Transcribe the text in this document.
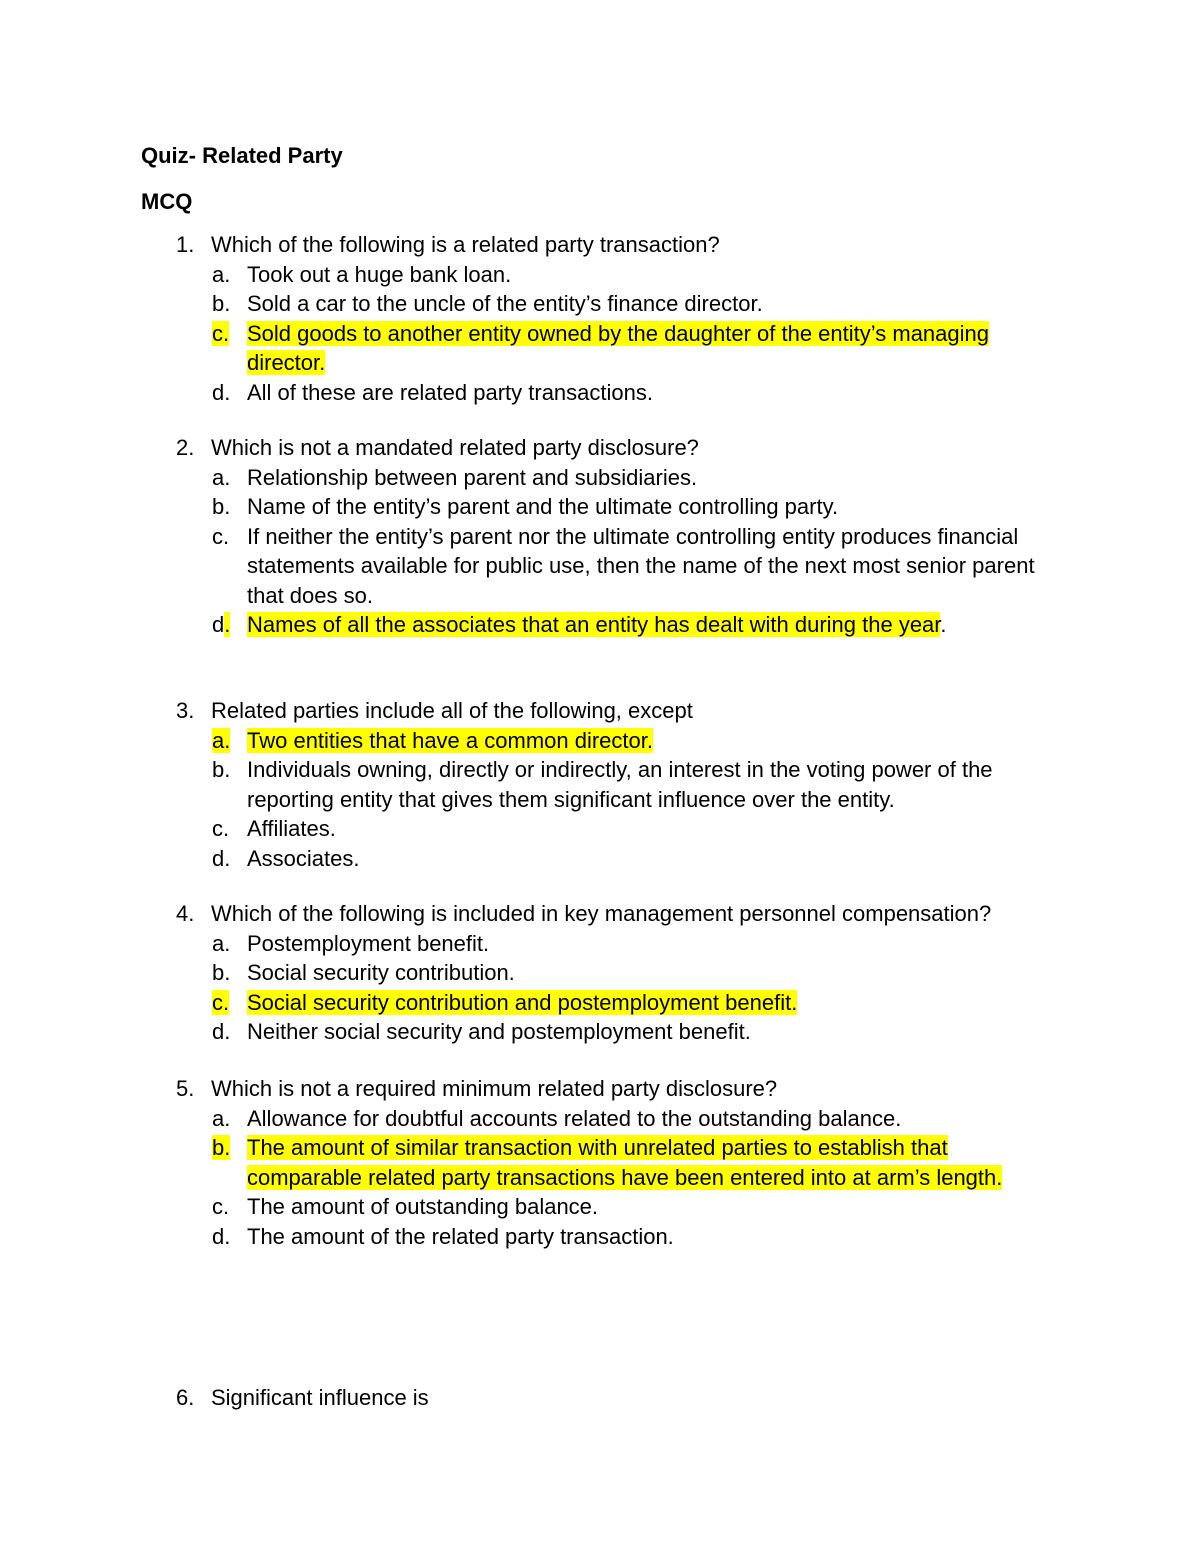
Quiz- Related Party
MCQ
1. Which of the following is a related party transaction?
a. Took out a huge bank loan.
b. Sold a car to the uncle of the entity’s finance director.
c. Sold goods to another entity owned by the daughter of the entity’s managing director.
d. All of these are related party transactions.
2. Which is not a mandated related party disclosure?
a. Relationship between parent and subsidiaries.
b. Name of the entity’s parent and the ultimate controlling party.
c. If neither the entity’s parent nor the ultimate controlling entity produces financial statements available for public use, then the name of the next most senior parent that does so.
d. Names of all the associates that an entity has dealt with during the year.
3. Related parties include all of the following, except
a. Two entities that have a common director.
b. Individuals owning, directly or indirectly, an interest in the voting power of the reporting entity that gives them significant influence over the entity.
c. Affiliates.
d. Associates.
4. Which of the following is included in key management personnel compensation?
a. Postemployment benefit.
b. Social security contribution.
c. Social security contribution and postemployment benefit.
d. Neither social security and postemployment benefit.
5. Which is not a required minimum related party disclosure?
a. Allowance for doubtful accounts related to the outstanding balance.
b. The amount of similar transaction with unrelated parties to establish that comparable related party transactions have been entered into at arm’s length.
c. The amount of outstanding balance.
d. The amount of the related party transaction.
6. Significant influence is
